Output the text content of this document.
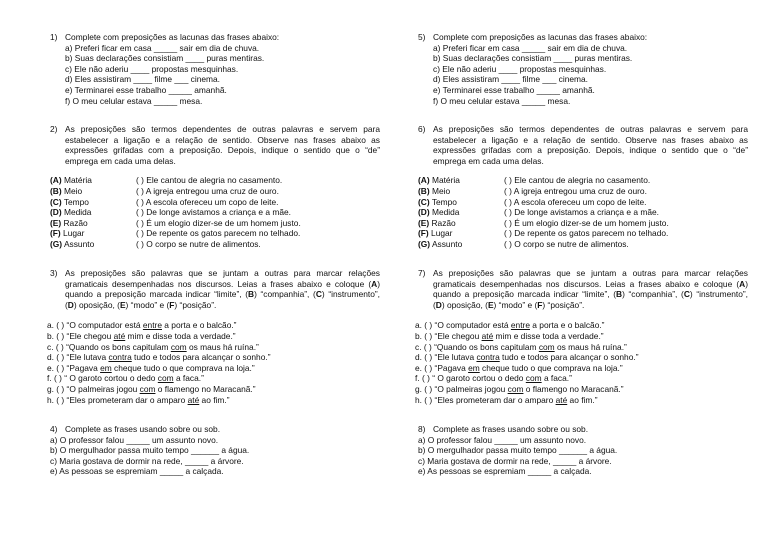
1) Complete com preposições as lacunas das frases abaixo:
a) Preferi ficar em casa _____ sair em dia de chuva.
b) Suas declarações consistiam ____ puras mentiras.
c) Ele não aderiu ____ propostas mesquinhas.
d) Eles assistiram ____ filme ___ cinema.
e) Terminarei esse trabalho _____ amanhã.
f) O meu celular estava _____ mesa.
2) As preposições são termos dependentes de outras palavras e servem para estabelecer a ligação e a relação de sentido. Observe nas frases abaixo as expressões grifadas com a preposição. Depois, indique o sentido que o “de” emprega em cada uma delas.
(A) Matéria
(B) Meio
(C) Tempo
(D) Medida
(E) Razão
(F) Lugar
(G) Assunto
( ) Ele cantou de alegria no casamento.
( ) A igreja entregou uma cruz de ouro.
( ) A escola ofereceu um copo de leite.
( ) De longe avistamos a criança e a mãe.
( ) É um elogio dizer-se de um homem justo.
( ) De repente os gatos parecem no telhado.
( ) O corpo se nutre de alimentos.
3) As preposições são palavras que se juntam a outras para marcar relações gramaticais desempenhadas nos discursos. Leias a frases abaixo e coloque (A) quando a preposição marcada indicar “limite”, (B) “companhia”, (C) “instrumento”, (D) oposição, (E) “modo” e (F) “posição”.
a. ( ) “O computador está entre a porta e o balcão.”
b. ( ) “Ele chegou até mim e disse toda a verdade.”
c. ( ) “Quando os bons capitulam com os maus há ruína.”
d. ( ) “Ele lutava contra tudo e todos para alcançar o sonho.”
e. ( ) “Pagava em cheque tudo o que comprava na loja.”
f. ( ) “ O garoto cortou o dedo com a faca.”
g. ( ) “O palmeiras jogou com o flamengo no Maracanã.”
h. ( ) “Eles prometeram dar o amparo até ao fim.”
4) Complete as frases usando sobre ou sob.
a) O professor falou _____ um assunto novo.
b) O mergulhador passa muito tempo ______ a água.
c) Maria gostava de dormir na rede, _____ a árvore.
e) As pessoas se espremiam _____ a calçada.
5) Complete com preposições as lacunas das frases abaixo:
a) Preferi ficar em casa _____ sair em dia de chuva.
b) Suas declarações consistiam ____ puras mentiras.
c) Ele não aderiu ____ propostas mesquinhas.
d) Eles assistiram ____ filme ___ cinema.
e) Terminarei esse trabalho _____ amanhã.
f) O meu celular estava _____ mesa.
6) As preposições são termos dependentes de outras palavras e servem para estabelecer a ligação e a relação de sentido. Observe nas frases abaixo as expressões grifadas com a preposição. Depois, indique o sentido que o “de” emprega em cada uma delas.
(A) Matéria
(B) Meio
(C) Tempo
(D) Medida
(E) Razão
(F) Lugar
(G) Assunto
( ) Ele cantou de alegria no casamento.
( ) A igreja entregou uma cruz de ouro.
( ) A escola ofereceu um copo de leite.
( ) De longe avistamos a criança e a mãe.
( ) É um elogio dizer-se de um homem justo.
( ) De repente os gatos parecem no telhado.
( ) O corpo se nutre de alimentos.
7) As preposições são palavras que se juntam a outras para marcar relações gramaticais desempenhadas nos discursos. Leias a frases abaixo e coloque (A) quando a preposição marcada indicar “limite”, (B) “companhia”, (C) “instrumento”, (D) oposição, (E) “modo” e (F) “posição”.
a. ( ) “O computador está entre a porta e o balcão.”
b. ( ) “Ele chegou até mim e disse toda a verdade.”
c. ( ) “Quando os bons capitulam com os maus há ruína.”
d. ( ) “Ele lutava contra tudo e todos para alcançar o sonho.”
e. ( ) “Pagava em cheque tudo o que comprava na loja.”
f. ( ) “ O garoto cortou o dedo com a faca.”
g. ( ) “O palmeiras jogou com o flamengo no Maracanã.”
h. ( ) “Eles prometeram dar o amparo até ao fim.”
8) Complete as frases usando sobre ou sob.
a) O professor falou _____ um assunto novo.
b) O mergulhador passa muito tempo ______ a água.
c) Maria gostava de dormir na rede, _____ a árvore.
e) As pessoas se espremiam _____ a calçada.
